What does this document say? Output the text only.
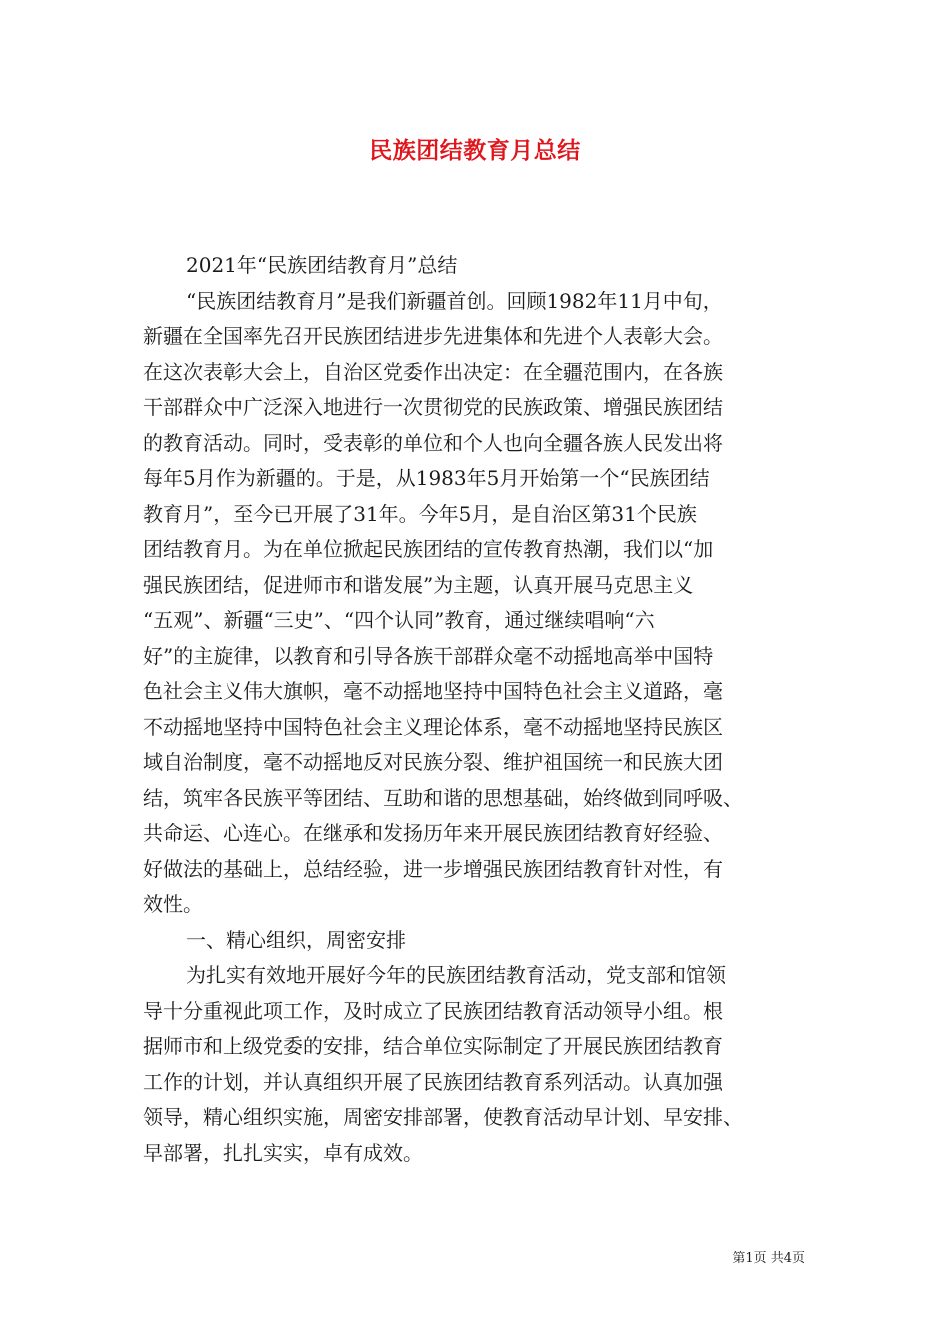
民族团结教育月总结
2021年“民族团结教育月”总结
“民族团结教育月”是我们新疆首创。回顾1982年11月中旬，
新疆在全国率先召开民族团结进步先进集体和先进个人表彰大会。
在这次表彰大会上，自治区党委作出决定：在全疆范围内，在各族
干部群众中广泛深入地进行一次贯彻党的民族政策、增强民族团结
的教育活动。同时，受表彰的单位和个人也向全疆各族人民发出将
每年5月作为新疆的。于是，从1983年5月开始第一个“民族团结
教育月”，至今已开展了31年。今年5月，是自治区第31个民族
团结教育月。为在单位掀起民族团结的宣传教育热潮，我们以“加
强民族团结，促进师市和谐发展”为主题，认真开展马克思主义
“五观”、新疆“三史”、“四个认同”教育，通过继续唱响“六
好”的主旋律，以教育和引导各族干部群众毫不动摇地高举中国特
色社会主义伟大旗帜，毫不动摇地坚持中国特色社会主义道路，毫
不动摇地坚持中国特色社会主义理论体系，毫不动摇地坚持民族区
域自治制度，毫不动摇地反对民族分裂、维护祖国统一和民族大团
结，筑牢各民族平等团结、互助和谐的思想基础，始终做到同呼吸、
共命运、心连心。在继承和发扬历年来开展民族团结教育好经验、
好做法的基础上，总结经验，进一步增强民族团结教育针对性，有
效性。
一、精心组织，周密安排
为扎实有效地开展好今年的民族团结教育活动，党支部和馆领
导十分重视此项工作，及时成立了民族团结教育活动领导小组。根
据师市和上级党委的安排，结合单位实际制定了开展民族团结教育
工作的计划，并认真组织开展了民族团结教育系列活动。认真加强
领导，精心组织实施，周密安排部署，使教育活动早计划、早安排、
早部署，扎扎实实，卓有成效。
第1页 共4页
